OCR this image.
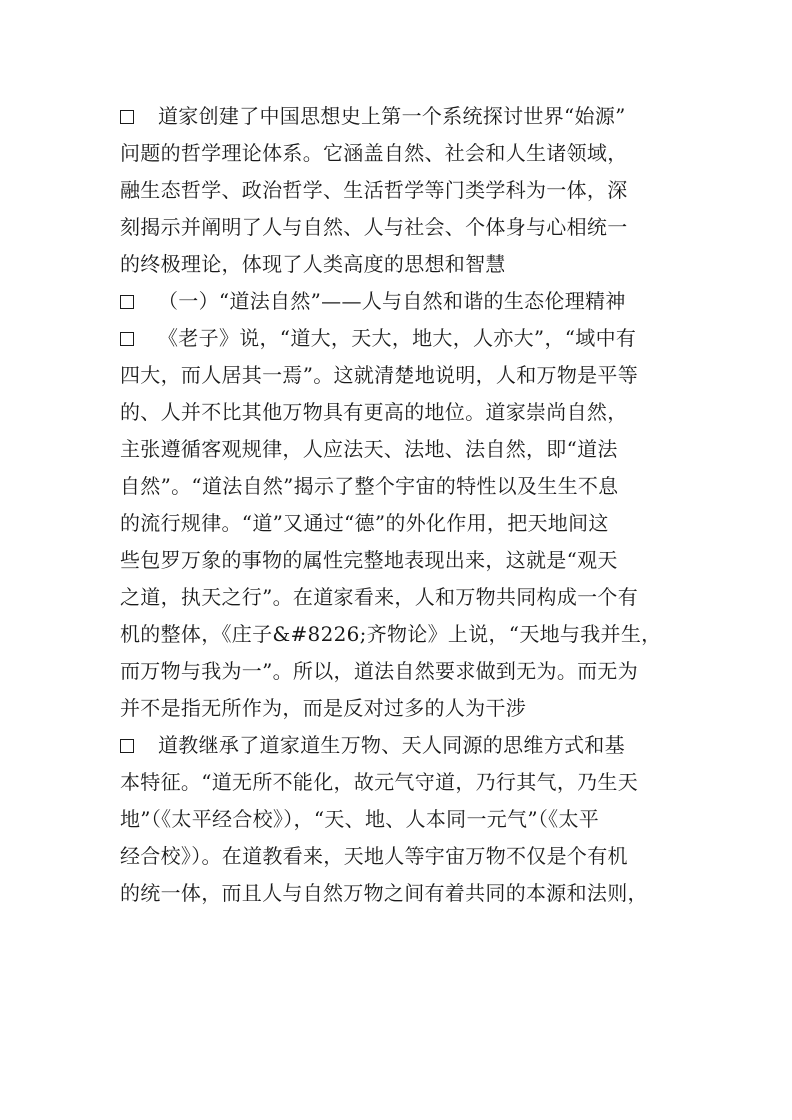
道家创建了中国思想史上第一个系统探讨世界“始源”
问题的哲学理论体系。它涵盖自然、社会和人生诸领域，
融生态哲学、政治哲学、生活哲学等门类学科为一体，深
刻揭示并阐明了人与自然、人与社会、个体身与心相统一
的终极理论，体现了人类高度的思想和智慧
（一）“道法自然”——人与自然和谐的生态伦理精神
《老子》说，“道大，天大，地大，人亦大”，“域中有
四大，而人居其一焉”。这就清楚地说明，人和万物是平等
的、人并不比其他万物具有更高的地位。道家崇尚自然，
主张遵循客观规律，人应法天、法地、法自然，即“道法
自然”。“道法自然”揭示了整个宇宙的特性以及生生不息
的流行规律。“道”又通过“德”的外化作用，把天地间这
些包罗万象的事物的属性完整地表现出来，这就是“观天
之道，执天之行”。在道家看来，人和万物共同构成一个有
机的整体，《庄子&#8226;齐物论》上说，“天地与我并生，
而万物与我为一”。所以，道法自然要求做到无为。而无为
并不是指无所作为，而是反对过多的人为干涉
道教继承了道家道生万物、天人同源的思维方式和基
本特征。“道无所不能化，故元气守道，乃行其气，乃生天
地”（《太平经合校》），“天、地、人本同一元气”（《太平
经合校》）。在道教看来，天地人等宇宙万物不仅是个有机
的统一体，而且人与自然万物之间有着共同的本源和法则，
